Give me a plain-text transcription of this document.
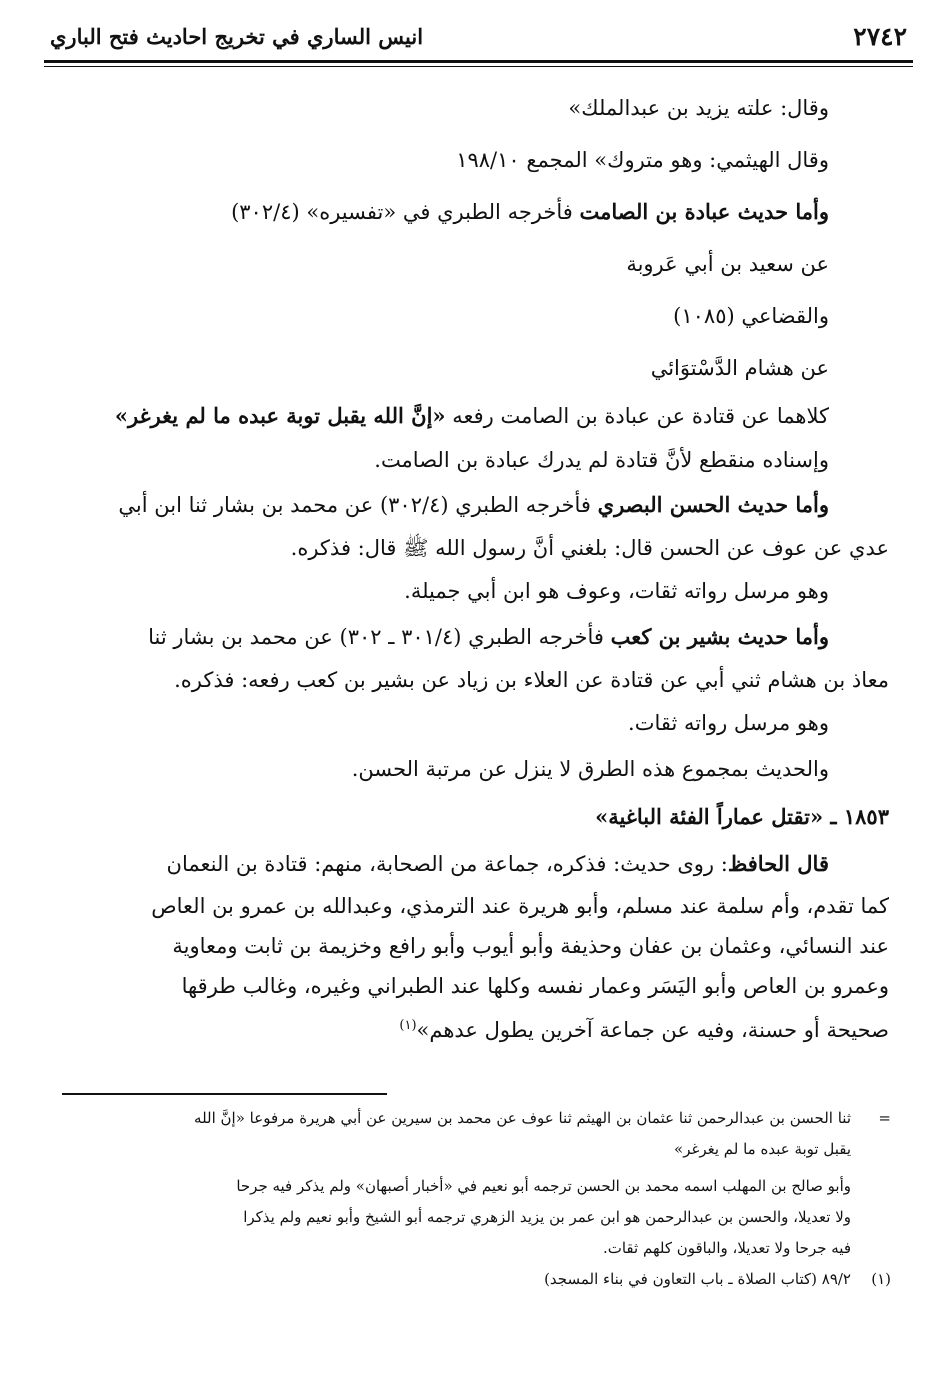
٢٧٤٢
انيس الساري في تخريج احاديث فتح الباري

وقال: علته يزيد بن عبدالملك»

وقال الهيثمي: وهو متروك» المجمع ١٩٨/١٠

وأما حديث عبادة بن الصامت فأخرجه الطبري في «تفسيره» (٣٠٢/٤)

عن سعيد بن أبي عَروبة

والقضاعي (١٠٨٥)

عن هشام الدَّسْتوَائي

كلاهما عن قتادة عن عبادة بن الصامت رفعه «إنَّ الله يقبل توبة عبده ما لم يغرغر»

وإسناده منقطع لأنَّ قتادة لم يدرك عبادة بن الصامت.

وأما حديث الحسن البصري فأخرجه الطبري (٣٠٢/٤) عن محمد بن بشار ثنا ابن أبي

عدي عن عوف عن الحسن قال: بلغني أنَّ رسول الله ﷺ قال: فذكره.

وهو مرسل رواته ثقات، وعوف هو ابن أبي جميلة.

وأما حديث بشير بن كعب فأخرجه الطبري (٣٠١/٤ ـ ٣٠٢) عن محمد بن بشار ثنا

معاذ بن هشام ثني أبي عن قتادة عن العلاء بن زياد عن بشير بن كعب رفعه: فذكره.

وهو مرسل رواته ثقات.

والحديث بمجموع هذه الطرق لا ينزل عن مرتبة الحسن.

١٨٥٣ ـ «تقتل عماراً الفئة الباغية»

قال الحافظ: روى حديث: فذكره، جماعة من الصحابة، منهم: قتادة بن النعمان

كما تقدم، وأم سلمة عند مسلم، وأبو هريرة عند الترمذي، وعبدالله بن عمرو بن العاص

عند النسائي، وعثمان بن عفان وحذيفة وأبو أيوب وأبو رافع وخزيمة بن ثابت ومعاوية

وعمرو بن العاص وأبو اليَسَر وعمار نفسه وكلها عند الطبراني وغيره، وغالب طرقها

صحيحة أو حسنة، وفيه عن جماعة آخرين يطول عدهم»$^{(١)}$

=ثنا الحسن بن عبدالرحمن ثنا عثمان بن الهيثم ثنا عوف عن محمد بن سيرين عن أبي هريرة مرفوعا «إنَّ الله

يقبل توبة عبده ما لم يغرغر»

وأبو صالح بن المهلب اسمه محمد بن الحسن ترجمه أبو نعيم في «أخبار أصبهان» ولم يذكر فيه جرحا

ولا تعديلا، والحسن بن عبدالرحمن هو ابن عمر بن يزيد الزهري ترجمه أبو الشيخ وأبو نعيم ولم يذكرا

فيه جرحا ولا تعديلا، والباقون كلهم ثقات.

(١)٨٩/٢ (كتاب الصلاة ـ باب التعاون في بناء المسجد)
